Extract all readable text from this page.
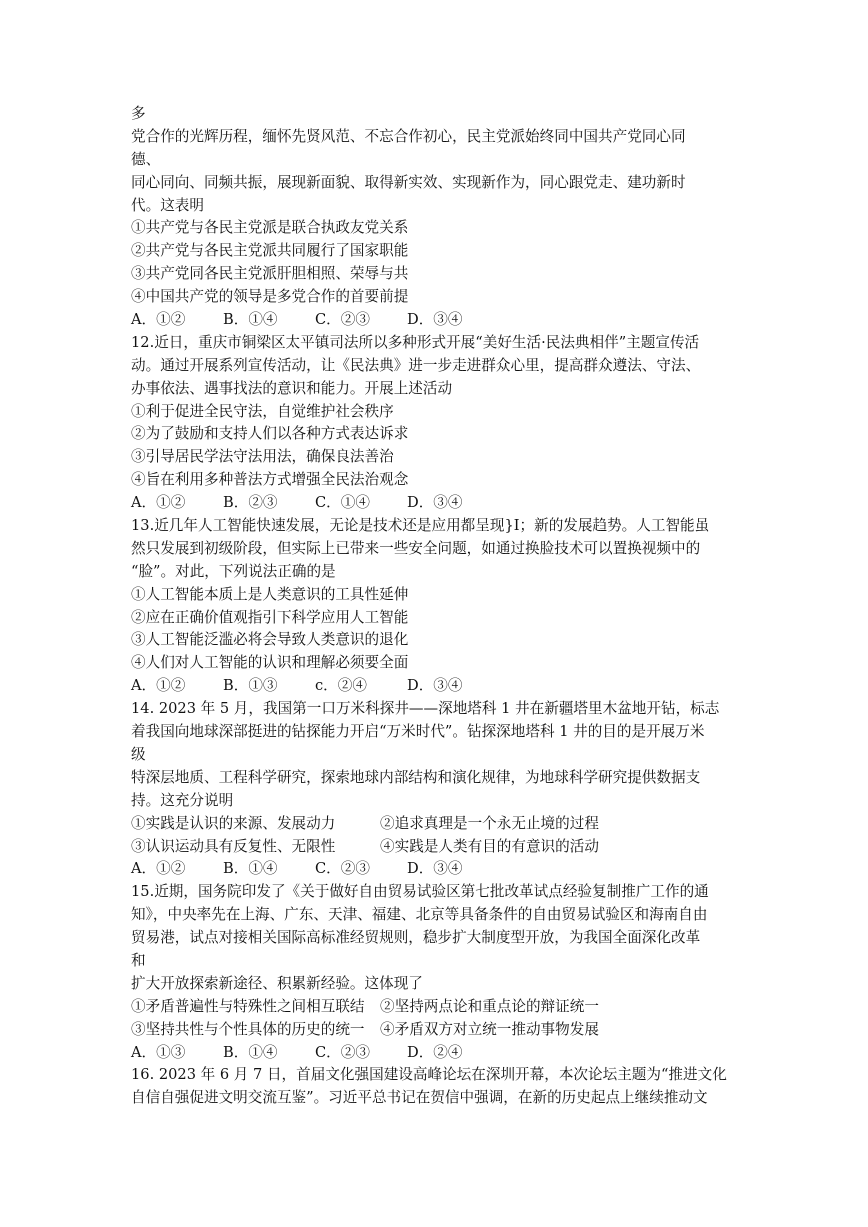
多
党合作的光辉历程，缅怀先贤风范、不忘合作初心，民主党派始终同中国共产党同心同
德、
同心同向、同频共振，展现新面貌、取得新实效、实现新作为，同心跟党走、建功新时
代。这表明
①共产党与各民主党派是联合执政友党关系
②共产党与各民主党派共同履行了国家职能
③共产党同各民主党派肝胆相照、荣辱与共
④中国共产党的领导是多党合作的首要前提
A．①②	B．①④	C．②③	D．③④
12.近日，重庆市铜梁区太平镇司法所以多种形式开展“美好生活·民法典相伴”主题宣传活
动。通过开展系列宣传活动，让《民法典》进一步走进群众心里，提高群众遵法、守法、
办事依法、遇事找法的意识和能力。开展上述活动
①利于促进全民守法，自觉维护社会秩序
②为了鼓励和支持人们以各种方式表达诉求
③引导居民学法守法用法，确保良法善治
④旨在利用多种普法方式增强全民法治观念
A．①②	B．②③	C．①④	D．③④
13.近几年人工智能快速发展，无论是技术还是应用都呈现}I；新的发展趋势。人工智能虽
然只发展到初级阶段，但实际上已带来一些安全问题，如通过换脸技术可以置换视频中的
“脸”。对此，下列说法正确的是
①人工智能本质上是人类意识的工具性延伸
②应在正确价值观指引下科学应用人工智能
③人工智能泛滥必将会导致人类意识的退化
④人们对人工智能的认识和理解必须要全面
A．①②	B．①③	c．②④	D．③④
14. 2023 年 5 月，我国第一口万米科探井——深地塔科 1 井在新疆塔里木盆地开钻，标志
着我国向地球深部挺进的钻探能力开启“万米时代”。钻探深地塔科 1 井的目的是开展万米
级
特深层地质、工程科学研究，探索地球内部结构和演化规律，为地球科学研究提供数据支
持。这充分说明
①实践是认识的来源、发展动力	②追求真理是一个永无止境的过程
③认识运动具有反复性、无限性	④实践是人类有目的有意识的活动
A．①②	B．①④	C．②③	D．③④
15.近期，国务院印发了《关于做好自由贸易试验区第七批改革试点经验复制推广工作的通
知》，中央率先在上海、广东、天津、福建、北京等具备条件的自由贸易试验区和海南自由
贸易港，试点对接相关国际高标准经贸规则，稳步扩大制度型开放，为我国全面深化改革
和
扩大开放探索新途径、积累新经验。这体现了
①矛盾普遍性与特殊性之间相互联结	②坚持两点论和重点论的辩证统一
③坚持共性与个性具体的历史的统一	④矛盾双方对立统一推动事物发展
A．①③	B．①④	C．②③	D．②④
16. 2023 年 6 月 7 日，首届文化强国建设高峰论坛在深圳开幕，本次论坛主题为“推进文化
自信自强促进文明交流互鉴”。习近平总书记在贺信中强调，在新的历史起点上继续推动文
